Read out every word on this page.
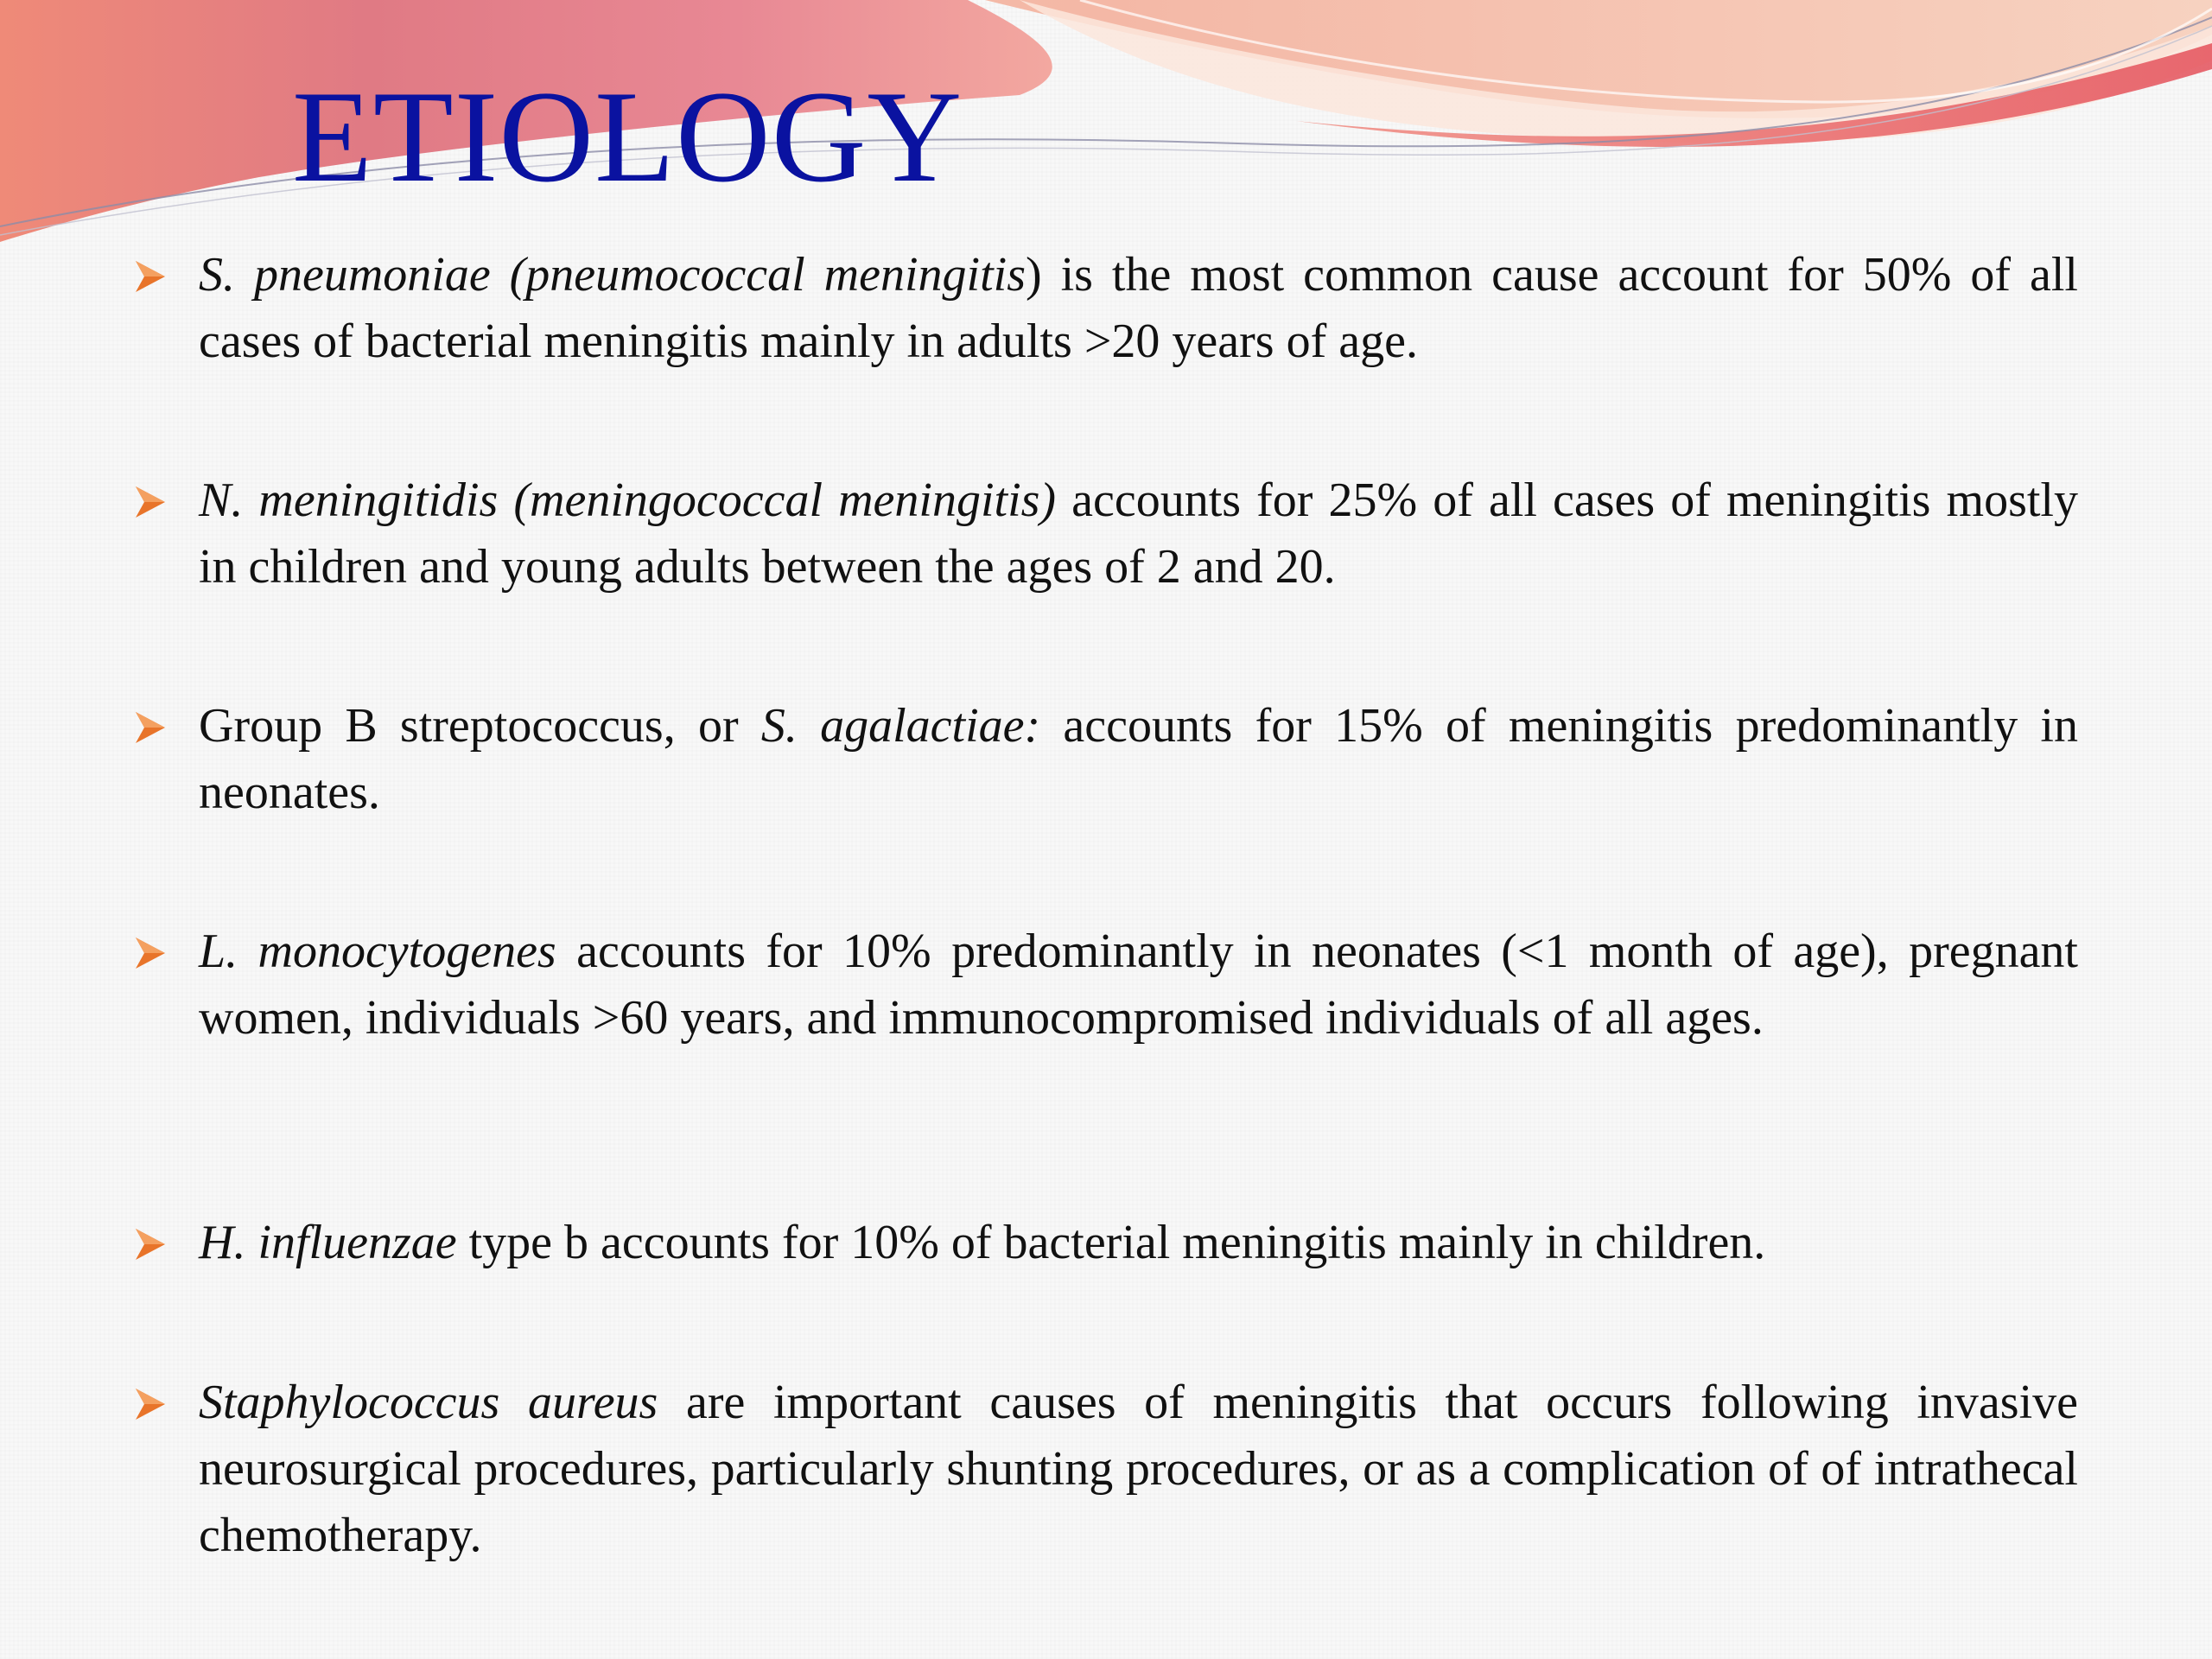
ETIOLOGY

S. pneumoniae (pneumococcal meningitis) is the most common cause account for 50% of all cases of bacterial meningitis mainly in adults >20 years of age.

N. meningitidis (meningococcal meningitis) accounts for 25% of all cases of meningitis mostly in children and young adults between the ages of 2 and 20.

Group B streptococcus, or S. agalactiae: accounts for 15% of meningitis predominantly in neonates.

L. monocytogenes accounts for 10% predominantly in neonates (<1 month of age), pregnant women, individuals >60 years, and immunocompromised individuals of all ages.

H. influenzae type b accounts for 10% of bacterial meningitis mainly in children.

Staphylococcus aureus are important causes of meningitis that occurs following invasive neurosurgical procedures, particularly shunting procedures, or as a complication of of intrathecal chemotherapy.
